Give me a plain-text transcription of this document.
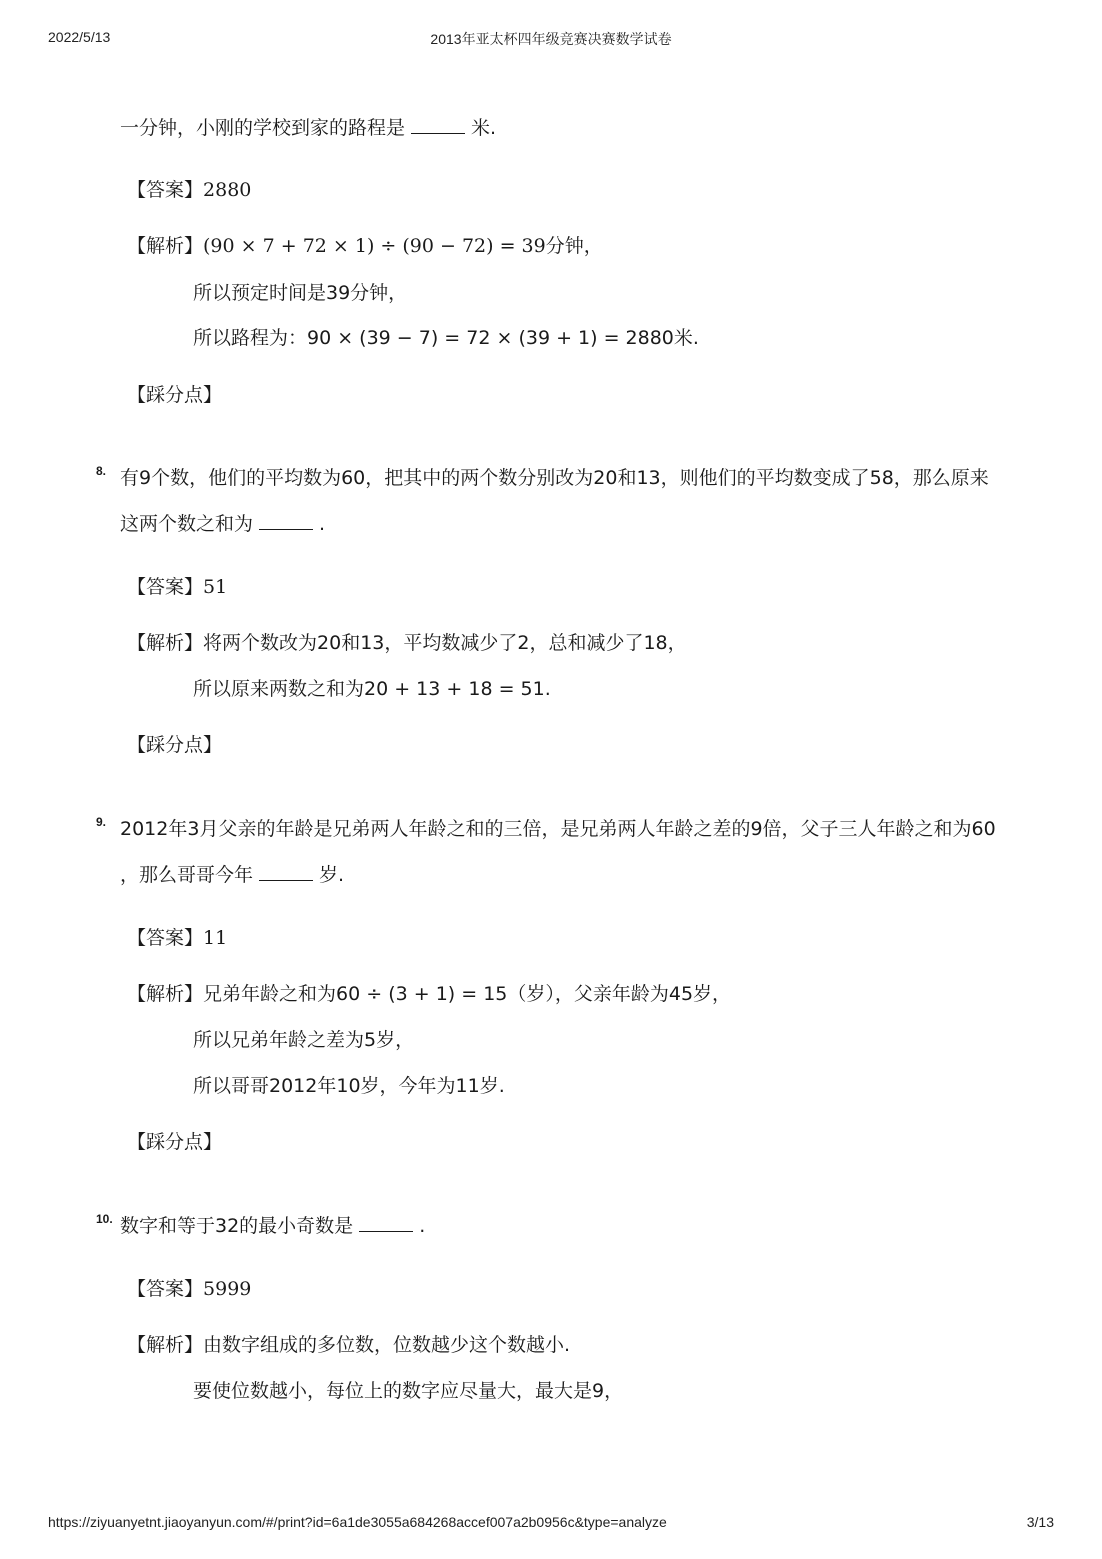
2022/5/13	2013年亚太杯四年级竞赛决赛数学试卷
一分钟，小刚的学校到家的路程是	米.
【答案】2880
【解析】(90 × 7 + 72 × 1) ÷ (90 − 72) = 39分钟，
所以预定时间是39分钟，
所以路程为：90 × (39 − 7) = 72 × (39 + 1) = 2880米.
【踩分点】
8. 有9个数，他们的平均数为60，把其中的两个数分别改为20和13，则他们的平均数变成了58，那么原来
这两个数之和为	.
【答案】51
【解析】将两个数改为20和13，平均数减少了2，总和减少了18，
所以原来两数之和为20 + 13 + 18 = 51.
【踩分点】
9. 2012年3月父亲的年龄是兄弟两人年龄之和的三倍，是兄弟两人年龄之差的9倍，父子三人年龄之和为60
，那么哥哥今年	岁.
【答案】11
【解析】兄弟年龄之和为60 ÷ (3 + 1) = 15（岁），父亲年龄为45岁，
所以兄弟年龄之差为5岁，
所以哥哥2012年10岁，今年为11岁.
【踩分点】
10. 数字和等于32的最小奇数是	.
【答案】5999
【解析】由数字组成的多位数，位数越少这个数越小.
要使位数越小，每位上的数字应尽量大，最大是9，
https://ziyuanyetnt.jiaoyanyun.com/#/print?id=6a1de3055a684268accef007a2b0956c&type=analyze	3/13
